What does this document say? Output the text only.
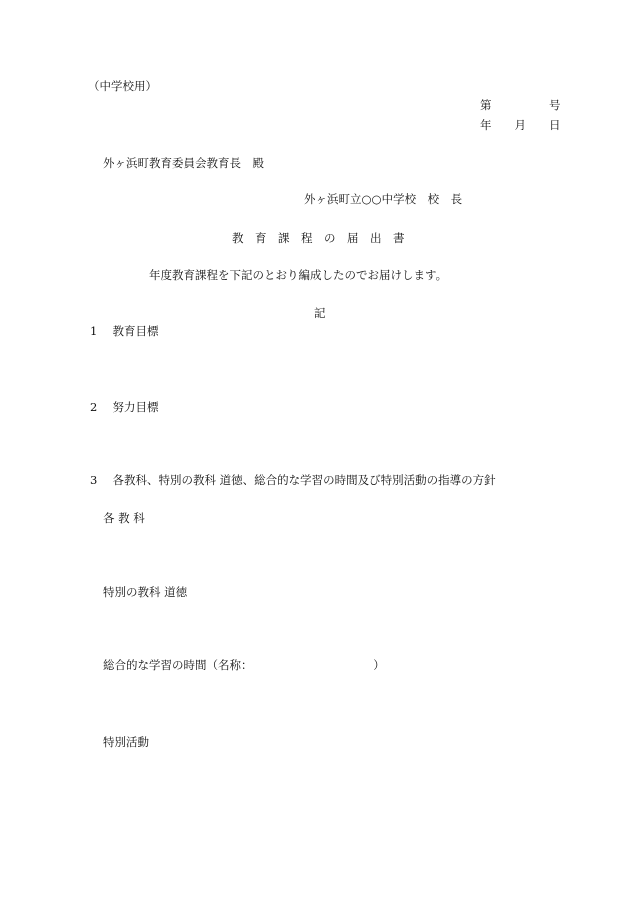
（中学校用）
第　　　　　号
年　　月　　日
外ヶ浜町教育委員会教育長　殿
外ヶ浜町立○○中学校　校　長
教　育　課　程　の　届　出　書
年度教育課程を下記のとおり編成したのでお届けします。
記
1　 教育目標
2　 努力目標
3　 各教科、特別の教科 道徳、総合的な学習の時間及び特別活動の指導の方針
各 教 科
特別の教科 道徳
総合的な学習の時間（名称：　　　　　　　　　　　）
特別活動
